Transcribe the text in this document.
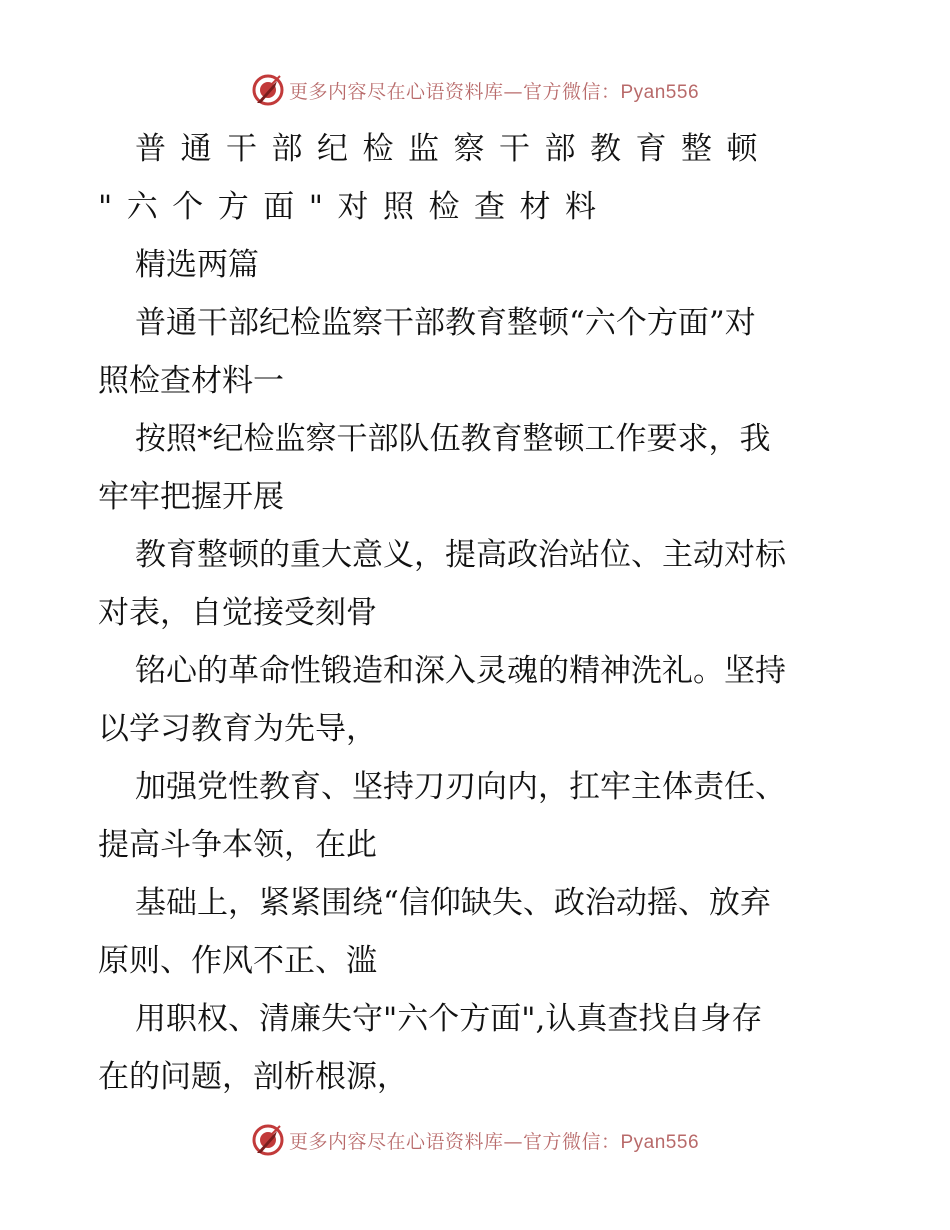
更多内容尽在心语资料库—官方微信：Pyan556

普通干部纪检监察干部教育整顿
"六个方面"对照检查材料

精选两篇

普通干部纪检监察干部教育整顿“六个方面”对
照检查材料一

按照*纪检监察干部队伍教育整顿工作要求，我
牢牢把握开展

教育整顿的重大意义，提高政治站位、主动对标
对表，自觉接受刻骨

铭心的革命性锻造和深入灵魂的精神洗礼。坚持
以学习教育为先导，

加强党性教育、坚持刀刃向内，扛牢主体责任、
提高斗争本领，在此

基础上，紧紧围绕“信仰缺失、政治动摇、放弃
原则、作风不正、滥

用职权、清廉失守"六个方面",认真查找自身存
在的问题，剖析根源，

更多内容尽在心语资料库—官方微信：Pyan556
